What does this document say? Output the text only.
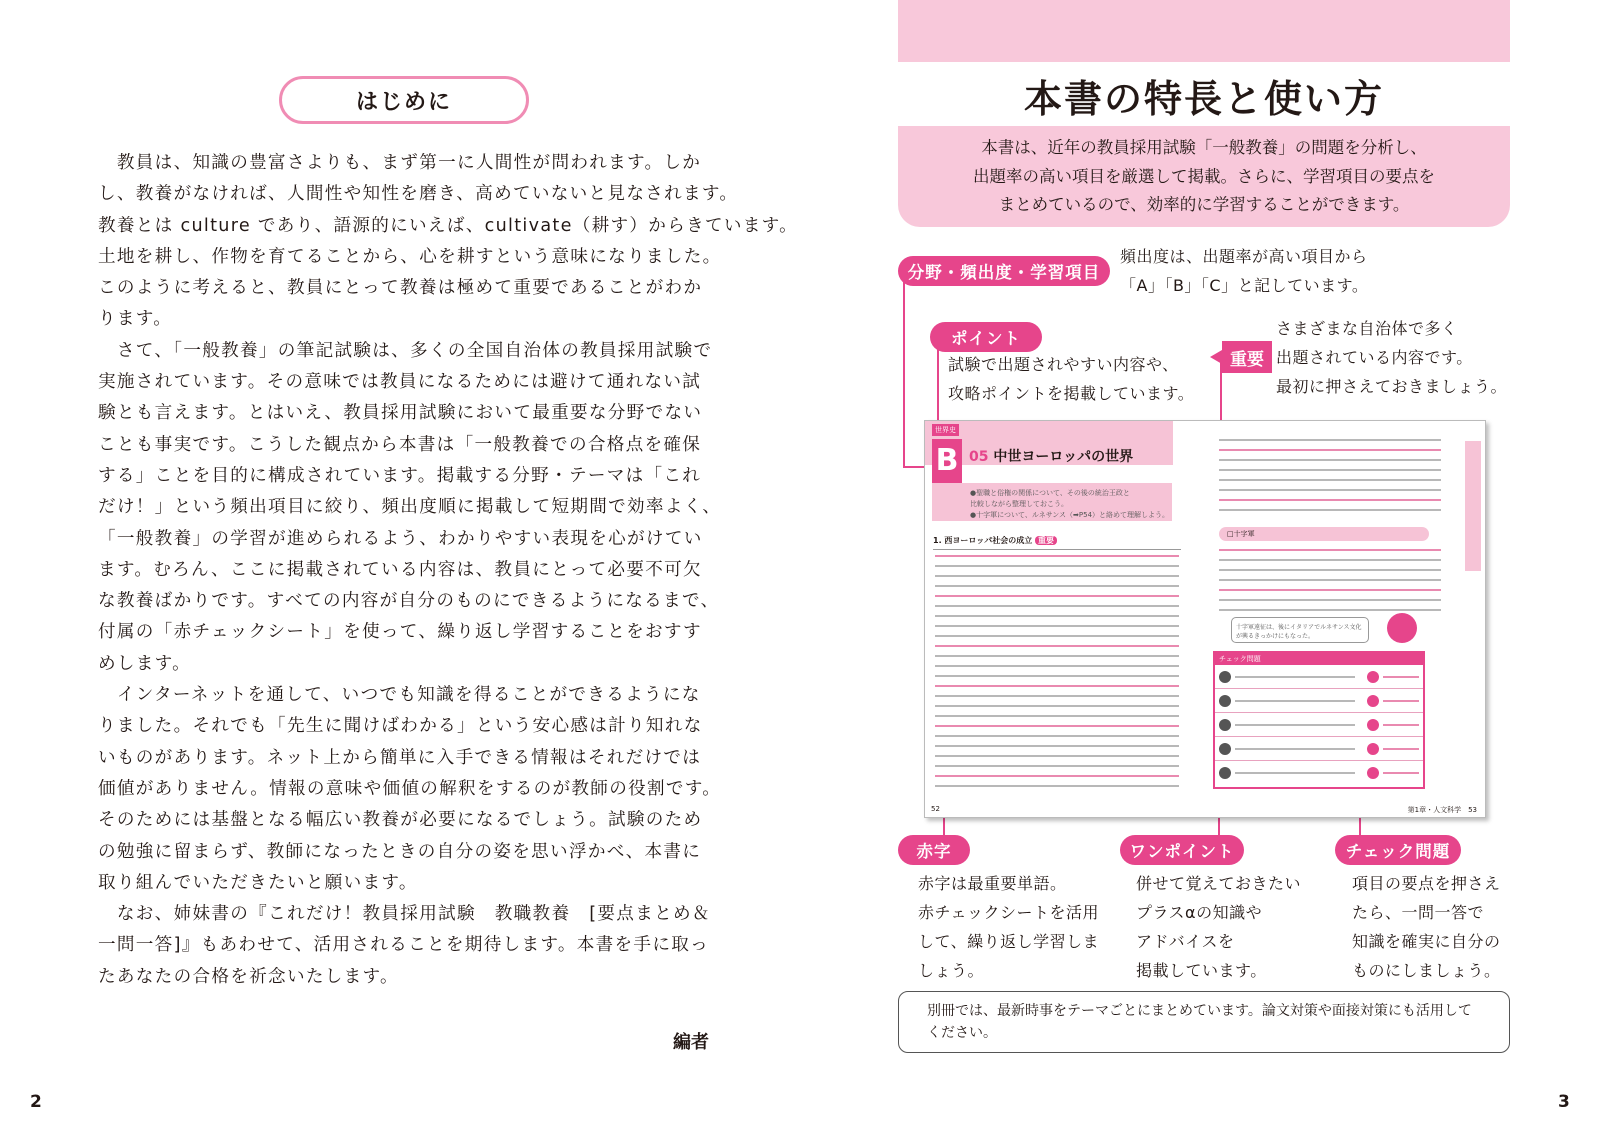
はじめに

　教員は、知識の豊富さよりも、まず第一に人間性が問われます。しか

し、教養がなければ、人間性や知性を磨き、高めていないと見なされます。

教養とは culture であり、語源的にいえば、cultivate（耕す）からきています。

土地を耕し、作物を育てることから、心を耕すという意味になりました。

このように考えると、教員にとって教養は極めて重要であることがわか

ります。

　さて、「一般教養」の筆記試験は、多くの全国自治体の教員採用試験で

実施されています。その意味では教員になるためには避けて通れない試

験とも言えます。とはいえ、教員採用試験において最重要な分野でない

ことも事実です。こうした観点から本書は「一般教養での合格点を確保

する」ことを目的に構成されています。掲載する分野・テーマは「これ

だけ！」という頻出項目に絞り、頻出度順に掲載して短期間で効率よく、

「一般教養」の学習が進められるよう、わかりやすい表現を心がけてい

ます。むろん、ここに掲載されている内容は、教員にとって必要不可欠

な教養ばかりです。すべての内容が自分のものにできるようになるまで、

付属の「赤チェックシート」を使って、繰り返し学習することをおすす

めします。

　インターネットを通して、いつでも知識を得ることができるようにな

りました。それでも「先生に聞けばわかる」という安心感は計り知れな

いものがあります。ネット上から簡単に入手できる情報はそれだけでは

価値がありません。情報の意味や価値の解釈をするのが教師の役割です。

そのためには基盤となる幅広い教養が必要になるでしょう。試験のため

の勉強に留まらず、教師になったときの自分の姿を思い浮かべ、本書に

取り組んでいただきたいと願います。

　なお、姉妹書の『これだけ！教員採用試験　教職教養　[要点まとめ＆

一問一答]』もあわせて、活用されることを期待します。本書を手に取っ

たあなたの合格を祈念いたします。

編者
2
本書の特長と使い方
本書は、近年の教員採用試験「一般教養」の問題を分析し、
出題率の高い項目を厳選して掲載。さらに、学習項目の要点を
まとめているので、効率的に学習することができます。
分野・頻出度・学習項目
ポイント
重要
赤字	ワンポイント	チェック問題
頻出度は、出題率が高い項目から
「A」「B」「C」と記しています。
試験で出題されやすい内容や、
攻略ポイントを掲載しています。
さまざまな自治体で多く
出題されている内容です。
最初に押さえておきましょう。
赤字は最重要単語。
赤チェックシートを活用
して、繰り返し学習しま
しょう。
併せて覚えておきたい
プラスαの知識や
アドバイスを
掲載しています。
項目の要点を押さえ
たら、一問一答で
知識を確実に自分の
ものにしましょう。
世界史
B 05 中世ヨーロッパの世界
●聖職と俗権の関係について、その後の統治王政と
比較しながら整理しておこう。
●十字軍について、ルネサンス（➡P54）と絡めて理解しよう。
1. 西ヨーロッパ社会の成立 重要
□十字軍
十字軍遠征は、後にイタリアでルネサンス文化が興るきっかけにもなった。
チェック問題
52	第1章・人文科学　53
別冊では、最新時事をテーマごとにまとめています。論文対策や面接対策にも活用して
ください。
3
